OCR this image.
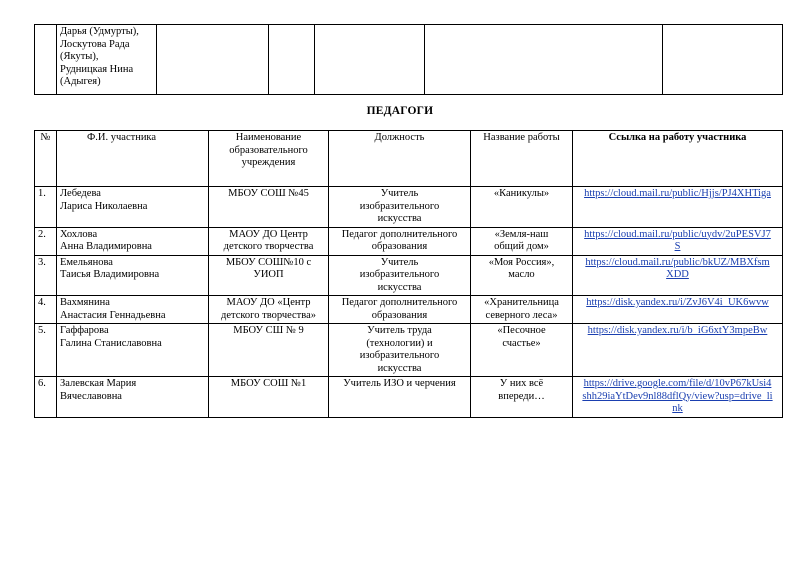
	Дарья (Удмурты),
Лоскутова Рада
(Якуты),
Рудницкая Нина
(Адыгея)					
ПЕДАГОГИ
№	Ф.И. участника	Наименование
образовательного
учреждения	Должность	Название работы	Ссылка на работу участника
1.	Лебедева
Лариса Николаевна	МБОУ СОШ №45	Учитель
изобразительного
искусства	«Каникулы»	https://cloud.mail.ru/public/Hjjs/PJ4XHTiga
2.	Хохлова
Анна Владимировна	МАОУ ДО Центр
детского творчества	Педагог дополнительного
образования	«Земля-наш
общий дом»	https://cloud.mail.ru/public/uydv/2uPESVJ7
S
3.	Емельянова
Таисья Владимировна	МБОУ СОШ№10 с
УИОП	Учитель
изобразительного
искусства	«Моя Россия»,
масло	https://cloud.mail.ru/public/bkUZ/MBXfsm
XDD
4.	Вахмянина
Анастасия Геннадьевна	МАОУ ДО «Центр
детского творчества»	Педагог дополнительного
образования	«Хранительница
северного леса»	https://disk.yandex.ru/i/ZvJ6V4i_UK6wvw
5.	Гаффарова
Галина Станиславовна	МБОУ СШ № 9	Учитель труда
(технологии) и
изобразительного
искусства	«Песочное
счастье»	https://disk.yandex.ru/i/b_iG6xtY3mpeBw
6.	Залевская Мария
Вячеславовна	МБОУ СОШ №1	Учитель ИЗО и черчения	У них всё
впереди…	https://drive.google.com/file/d/10vP67kUsi4
shh29iaYtDev9nl88dflQy/view?usp=drive_li
nk
